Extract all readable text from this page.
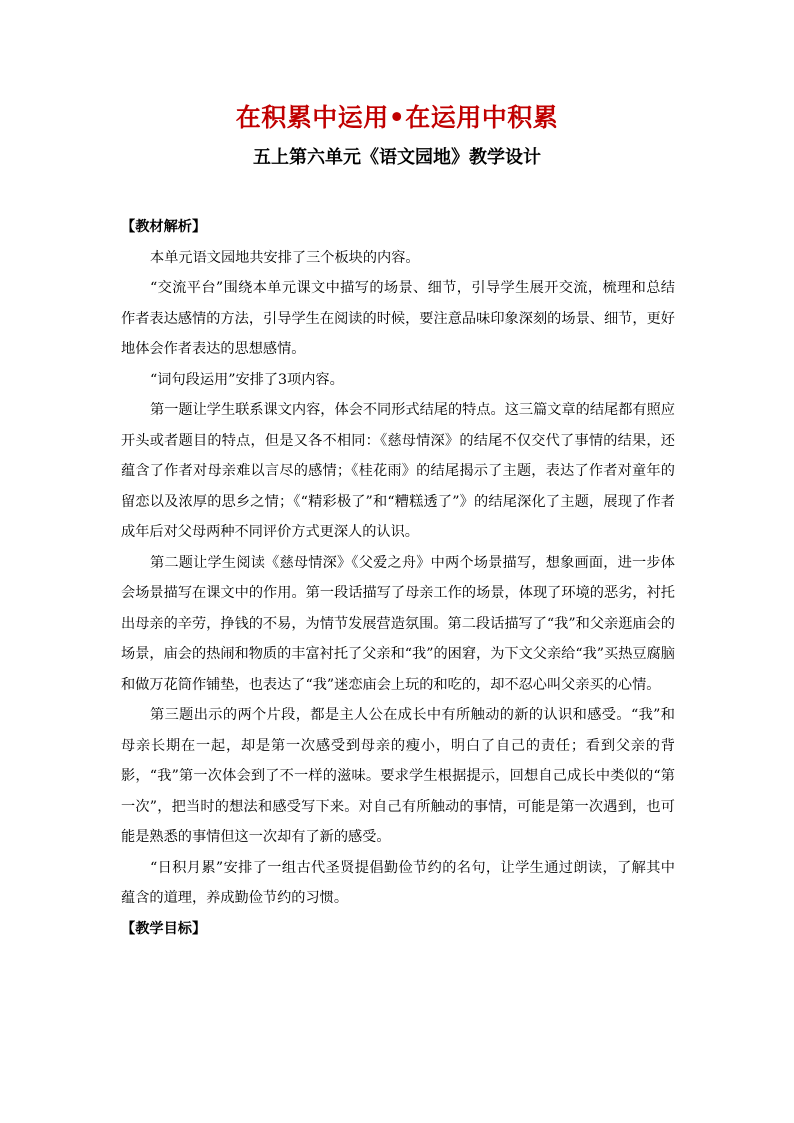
在积累中运用•在运用中积累
五上第六单元《语文园地》教学设计

【教材解析】

本单元语文园地共安排了三个板块的内容。

“交流平台”围绕本单元课文中描写的场景、细节，引导学生展开交流，梳理和总结作者表达感情的方法，引导学生在阅读的时候，要注意品味印象深刻的场景、细节，更好地体会作者表达的思想感情。

“词句段运用”安排了3项内容。

第一题让学生联系课文内容，体会不同形式结尾的特点。这三篇文章的结尾都有照应开头或者题目的特点，但是又各不相同：《慈母情深》的结尾不仅交代了事情的结果，还蕴含了作者对母亲难以言尽的感情；《桂花雨》的结尾揭示了主题，表达了作者对童年的留恋以及浓厚的思乡之情；《“精彩极了”和“糟糕透了”》的结尾深化了主题，展现了作者成年后对父母两种不同评价方式更深人的认识。

第二题让学生阅读《慈母情深》《父爱之舟》中两个场景描写，想象画面，进一步体会场景描写在课文中的作用。第一段话描写了母亲工作的场景，体现了环境的恶劣，衬托出母亲的辛劳，挣钱的不易，为情节发展营造氛围。第二段话描写了“我”和父亲逛庙会的场景，庙会的热闹和物质的丰富衬托了父亲和“我”的困窘，为下文父亲给“我”买热豆腐脑和做万花筒作铺垫，也表达了“我”迷恋庙会上玩的和吃的，却不忍心叫父亲买的心情。

第三题出示的两个片段，都是主人公在成长中有所触动的新的认识和感受。“我”和母亲长期在一起，却是第一次感受到母亲的瘦小，明白了自己的责任；看到父亲的背影，“我”第一次体会到了不一样的滋味。要求学生根据提示，回想自己成长中类似的“第一次”，把当时的想法和感受写下来。对自己有所触动的事情，可能是第一次遇到，也可能是熟悉的事情但这一次却有了新的感受。

“日积月累”安排了一组古代圣贤提倡勤俭节约的名句，让学生通过朗读，了解其中蕴含的道理，养成勤俭节约的习惯。

【教学目标】
